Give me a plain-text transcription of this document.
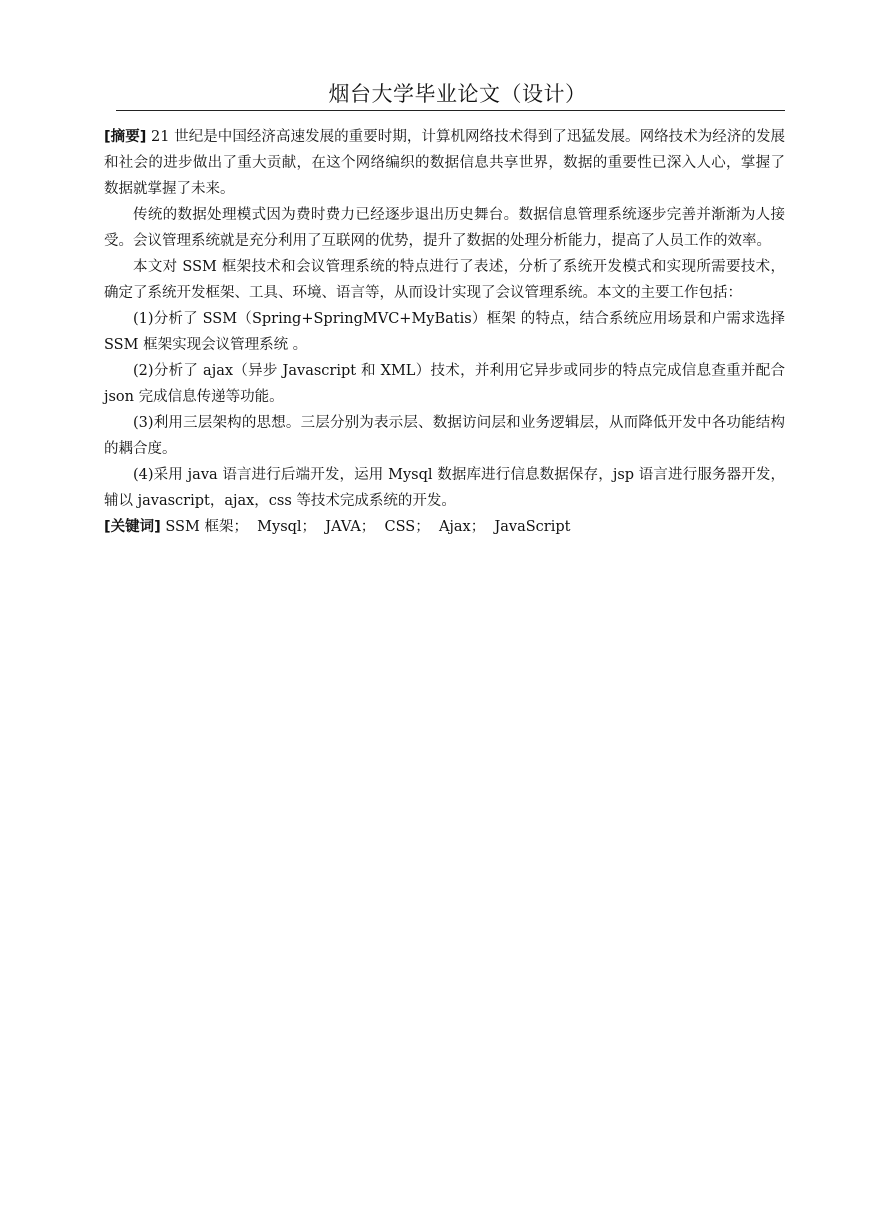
烟台大学毕业论文（设计）

[摘要] 21 世纪是中国经济高速发展的重要时期，计算机网络技术得到了迅猛发展。网络技术为经济的发展和社会的进步做出了重大贡献，在这个网络编织的数据信息共享世界，数据的重要性已深入人心，掌握了数据就掌握了未来。

传统的数据处理模式因为费时费力已经逐步退出历史舞台。数据信息管理系统逐步完善并渐渐为人接受。会议管理系统就是充分利用了互联网的优势，提升了数据的处理分析能力，提高了人员工作的效率。

本文对 SSM 框架技术和会议管理系统的特点进行了表述，分析了系统开发模式和实现所需要技术，确定了系统开发框架、工具、环境、语言等，从而设计实现了会议管理系统。本文的主要工作包括：

(1)分析了 SSM（Spring+SpringMVC+MyBatis）框架 的特点，结合系统应用场景和户需求选择 SSM 框架实现会议管理系统 。

(2)分析了 ajax（异步 Javascript 和 XML）技术，并利用它异步或同步的特点完成信息查重并配合 json 完成信息传递等功能。

(3)利用三层架构的思想。三层分别为表示层、数据访问层和业务逻辑层，从而降低开发中各功能结构的耦合度。

(4)采用 java 语言进行后端开发，运用 Mysql 数据库进行信息数据保存，jsp 语言进行服务器开发，辅以 javascript，ajax，css 等技术完成系统的开发。

[关键词] SSM 框架；  Mysql；  JAVA；  CSS；  Ajax；  JavaScript
